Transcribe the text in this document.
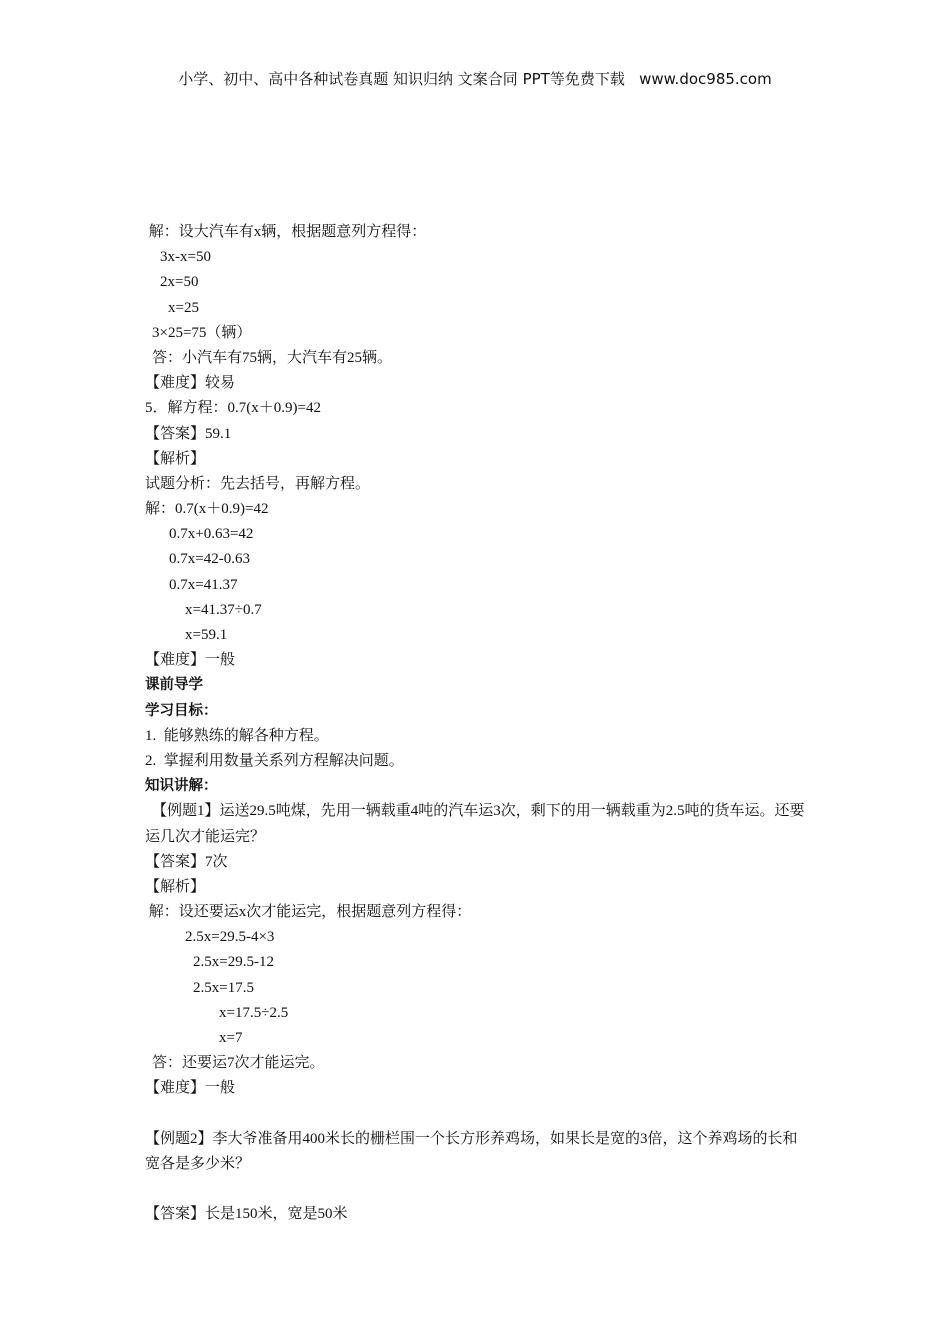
小学、初中、高中各种试卷真题 知识归纳 文案合同 PPT等免费下载   www.doc985.com
解：设大汽车有x辆，根据题意列方程得：
3x-x=50
2x=50
x=25
3×25=75（辆）
答：小汽车有75辆，大汽车有25辆。
【难度】较易
5．解方程：0.7(x＋0.9)=42
【答案】59.1
【解析】
试题分析：先去括号，再解方程。
解：0.7(x＋0.9)=42
0.7x+0.63=42
0.7x=42-0.63
0.7x=41.37
x=41.37÷0.7
x=59.1
【难度】一般
课前导学
学习目标：
1.  能够熟练的解各种方程。
2.  掌握利用数量关系列方程解决问题。
知识讲解：
【例题1】运送29.5吨煤，先用一辆载重4吨的汽车运3次，剩下的用一辆载重为2.5吨的货车运。还要运几次才能运完？
【答案】7次
【解析】
解：设还要运x次才能运完，根据题意列方程得：
2.5x=29.5-4×3
2.5x=29.5-12
2.5x=17.5
x=17.5÷2.5
x=7
答：还要运7次才能运完。
【难度】一般
【例题2】李大爷准备用400米长的栅栏围一个长方形养鸡场，如果长是宽的3倍，这个养鸡场的长和宽各是多少米？
【答案】长是150米，宽是50米
